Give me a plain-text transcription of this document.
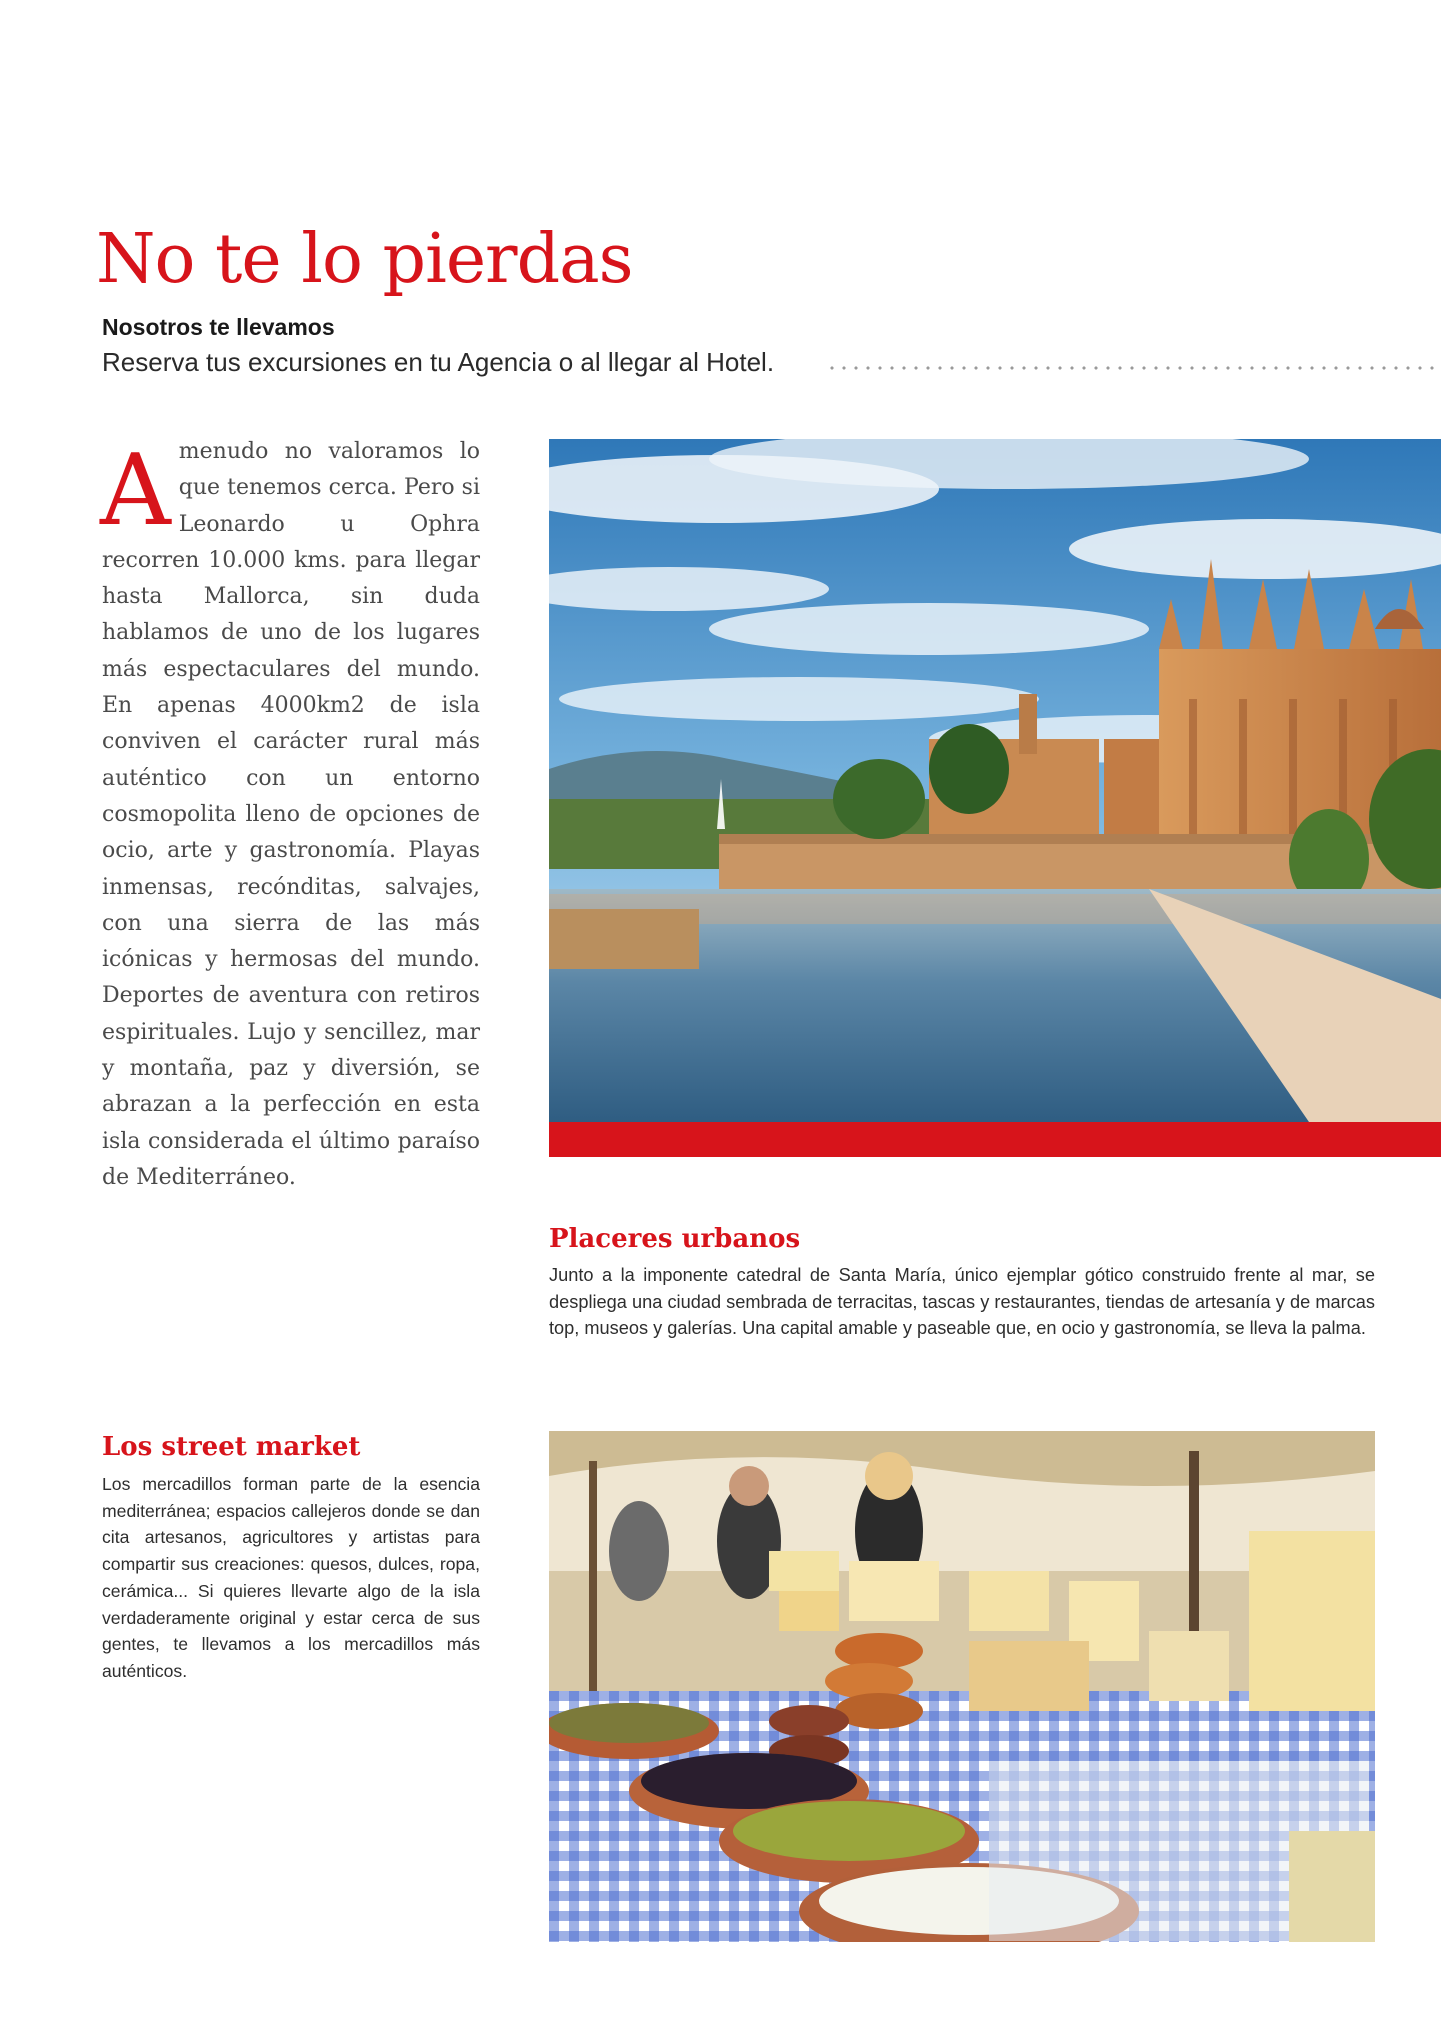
No te lo pierdas
Nosotros te llevamos
Reserva tus excursiones en tu Agencia o al llegar al Hotel.

Amenudo no valoramos lo que tenemos cerca. Pero si Leonardo u Ophra recorren 10.000 kms. para llegar hasta Mallorca, sin duda hablamos de uno de los lugares más espectaculares del mundo. En apenas 4000km2 de isla conviven el carácter rural más auténtico con un entorno cosmopolita lleno de opciones de ocio, arte y gastronomía. Playas inmensas, recónditas, salvajes, con una sierra de las más icónicas y hermosas del mundo. Deportes de aventura con retiros espirituales. Lujo y sencillez, mar y montaña, paz y diversión, se abrazan a la perfección en esta isla considerada el último paraíso de Mediterráneo.

Placeres urbanos

Junto a la imponente catedral de Santa María, único ejemplar gótico construido frente al mar, se despliega una ciudad sembrada de terracitas, tascas y restaurantes, tiendas de artesanía y de marcas top, museos y galerías. Una capital amable y paseable que, en ocio y gastronomía, se lleva la palma.

Los street market

Los mercadillos forman parte de la esencia mediterránea; espacios callejeros donde se dan cita artesanos, agricultores y artistas para compartir sus creaciones: quesos, dulces, ropa, cerámica... Si quieres llevarte algo de la isla verdaderamente original y estar cerca de sus gentes, te llevamos a los mercadillos más auténticos.
